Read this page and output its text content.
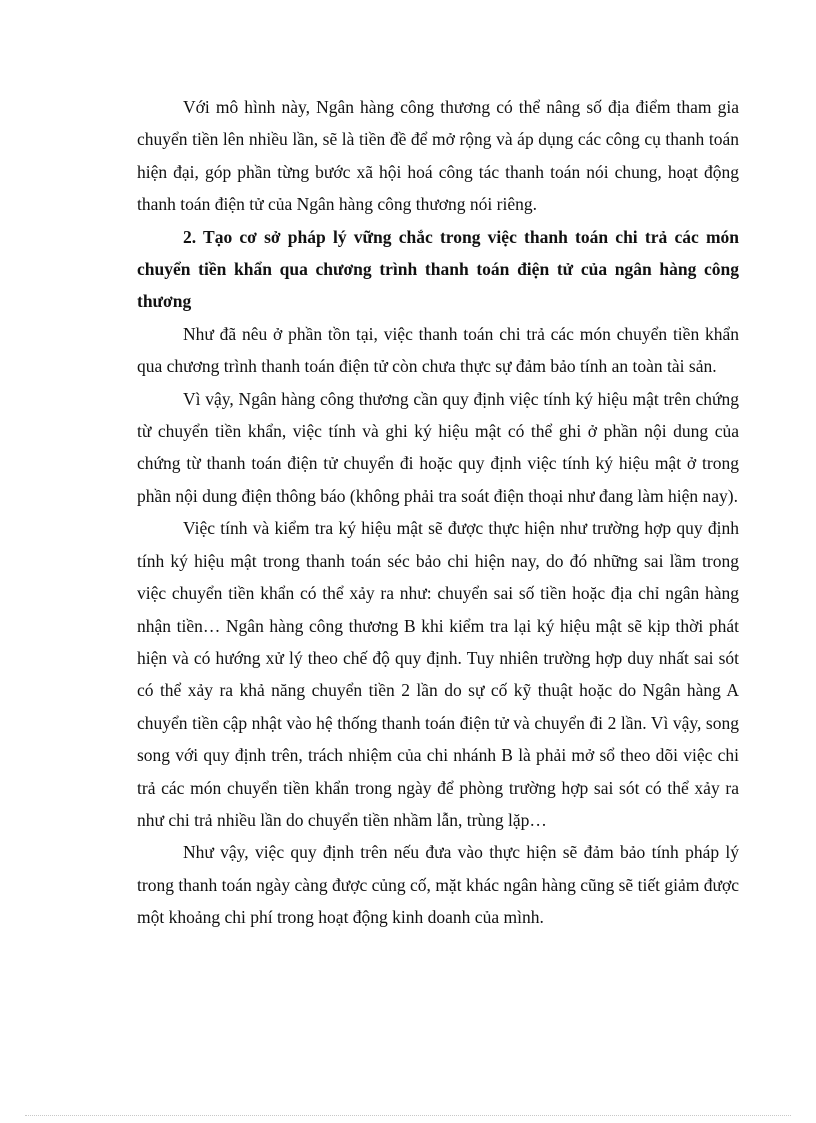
Với mô hình này, Ngân hàng công thương có thể nâng số địa điểm tham gia chuyển tiền lên nhiều lần, sẽ là tiền đề để mở rộng và áp dụng các công cụ thanh toán hiện đại, góp phần từng bước xã hội hoá công tác thanh toán nói chung, hoạt động thanh toán điện tử của Ngân hàng công thương nói riêng.

2. Tạo cơ sở pháp lý vững chắc trong việc thanh toán chi trả các món chuyển tiền khẩn qua chương trình thanh toán điện tử của ngân hàng công thương

Như đã nêu ở phần tồn tại, việc thanh toán chi trả các món chuyển tiền khẩn qua chương trình thanh toán điện tử còn chưa thực sự đảm bảo tính an toàn tài sản.

Vì vậy, Ngân hàng công thương cần quy định việc tính ký hiệu mật trên chứng từ chuyển tiền khẩn, việc tính và ghi ký hiệu mật có thể ghi ở phần nội dung của chứng từ thanh toán điện tử chuyển đi hoặc quy định việc tính ký hiệu mật ở trong phần nội dung điện thông báo (không phải tra soát điện thoại như đang làm hiện nay).

Việc tính và kiểm tra ký hiệu mật sẽ được thực hiện như trường hợp quy định tính ký hiệu mật trong thanh toán séc bảo chi hiện nay, do đó những sai lầm trong việc chuyển tiền khẩn có thể xảy ra như: chuyển sai số tiền hoặc địa chỉ ngân hàng nhận tiền… Ngân hàng công thương B khi kiểm tra lại ký hiệu mật sẽ kịp thời phát hiện và có hướng xử lý theo chế độ quy định. Tuy nhiên trường hợp duy nhất sai sót có thể xảy ra khả năng chuyển tiền 2 lần do sự cố kỹ thuật hoặc do Ngân hàng A chuyển tiền cập nhật vào hệ thống thanh toán điện tử và chuyển đi 2 lần. Vì vậy, song song với quy định trên, trách nhiệm của chi nhánh B là phải mở sổ theo dõi việc chi trả các món chuyển tiền khẩn trong ngày để phòng trường hợp sai sót có thể xảy ra như chi trả nhiều lần do chuyển tiền nhầm lẫn, trùng lặp…

Như vậy, việc quy định trên nếu đưa vào thực hiện sẽ đảm bảo tính pháp lý trong thanh toán ngày càng được củng cố, mặt khác ngân hàng cũng sẽ tiết giảm được một khoảng chi phí trong hoạt động kinh doanh của mình.
